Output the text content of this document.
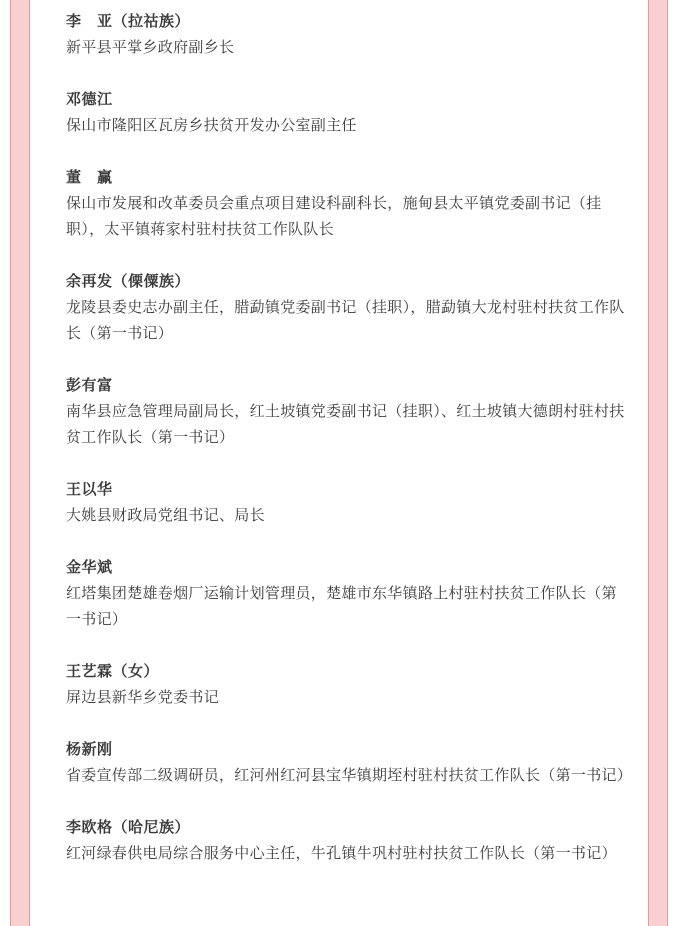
李　亚（拉祜族）
新平县平掌乡政府副乡长
邓德江
保山市隆阳区瓦房乡扶贫开发办公室副主任
董　赢
保山市发展和改革委员会重点项目建设科副科长，施甸县太平镇党委副书记（挂职），太平镇蒋家村驻村扶贫工作队队长
余再发（傈僳族）
龙陵县委史志办副主任，腊勐镇党委副书记（挂职），腊勐镇大龙村驻村扶贫工作队长（第一书记）
彭有富
南华县应急管理局副局长，红土坡镇党委副书记（挂职）、红土坡镇大德朗村驻村扶贫工作队长（第一书记）
王以华
大姚县财政局党组书记、局长
金华斌
红塔集团楚雄卷烟厂运输计划管理员，楚雄市东华镇路上村驻村扶贫工作队长（第一书记）
王艺霖（女）
屏边县新华乡党委书记
杨新刚
省委宣传部二级调研员，红河州红河县宝华镇期垤村驻村扶贫工作队长（第一书记）
李欧格（哈尼族）
红河绿春供电局综合服务中心主任，牛孔镇牛巩村驻村扶贫工作队长（第一书记）
